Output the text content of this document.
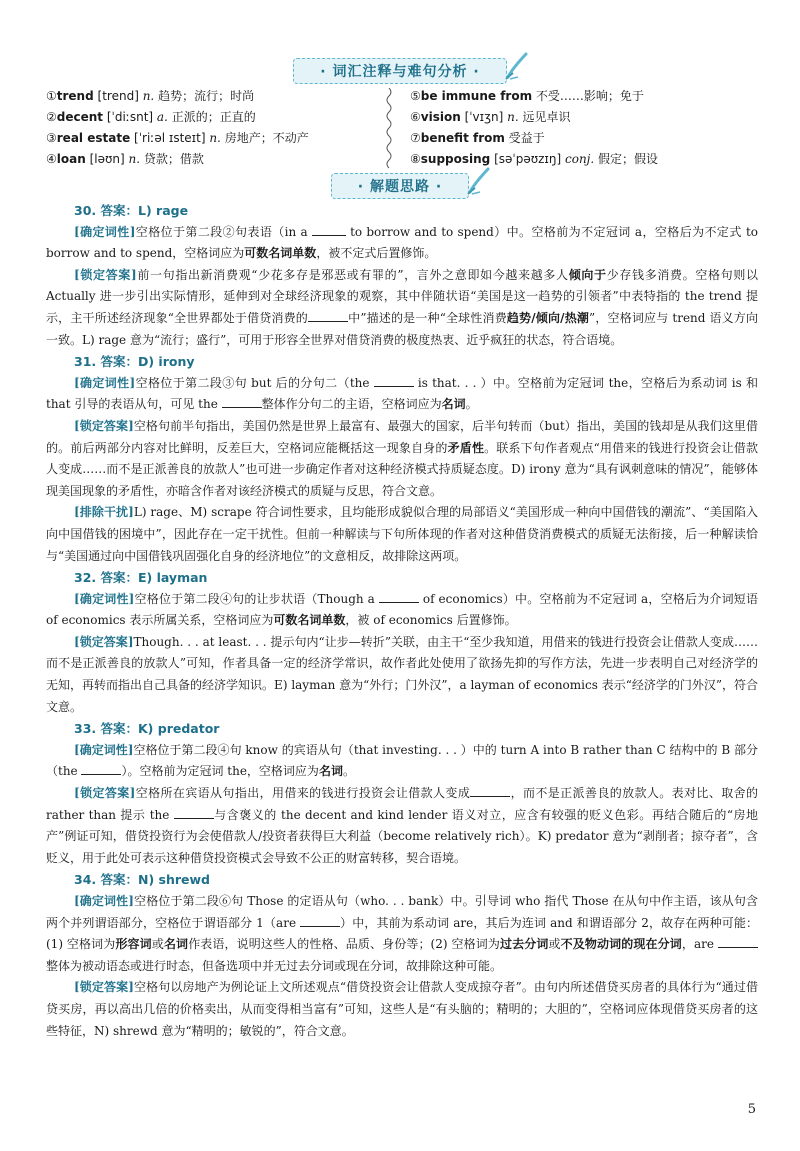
· 词汇注释与难句分析 ·
①trend [trend] n. 趋势；流行；时尚
②decent [ˈdiːsnt] a. 正派的；正直的
③real estate [ˈriːəl ɪsteɪt] n. 房地产；不动产
④loan [ləʊn] n. 贷款；借款
⑤be immune from 不受……影响；免于
⑥vision [ˈvɪʒn] n. 远见卓识
⑦benefit from 受益于
⑧supposing [səˈpəʊzɪŋ] conj. 假定；假设
· 解题思路 ·
30. 答案：L) rage

[确定词性]空格位于第二段②句表语（in a	to borrow and to spend）中。空格前为不定冠词 a，空格后为不定式 to borrow and to spend，空格词应为可数名词单数，被不定式后置修饰。

[锁定答案]前一句指出新消费观“少花多存是邪恶或有罪的”，言外之意即如今越来越多人倾向于少存钱多消费。空格句则以 Actually 进一步引出实际情形，延伸到对全球经济现象的观察，其中伴随状语“美国是这一趋势的引领者”中表特指的 the trend 提示，主干所述经济现象“全世界都处于借贷消费的	中”描述的是一种“全球性消费趋势/倾向/热潮”，空格词应与 trend 语义方向一致。L) rage 意为“流行；盛行”，可用于形容全世界对借贷消费的极度热衷、近乎疯狂的状态，符合语境。

31. 答案：D) irony

[确定词性]空格位于第二段③句 but 后的分句二（the	is that. . . ）中。空格前为定冠词 the，空格后为系动词 is 和 that 引导的表语从句，可见 the	整体作分句二的主语，空格词应为名词。

[锁定答案]空格句前半句指出，美国仍然是世界上最富有、最强大的国家，后半句转而（but）指出，美国的钱却是从我们这里借的。前后两部分内容对比鲜明，反差巨大，空格词应能概括这一现象自身的矛盾性。联系下句作者观点“用借来的钱进行投资会让借款人变成……而不是正派善良的放款人”也可进一步确定作者对这种经济模式持质疑态度。D) irony 意为“具有讽刺意味的情况”，能够体现美国现象的矛盾性，亦暗含作者对该经济模式的质疑与反思，符合文意。

[排除干扰]L) rage、M) scrape 符合词性要求，且均能形成貌似合理的局部语义“美国形成一种向中国借钱的潮流”、“美国陷入向中国借钱的困境中”，因此存在一定干扰性。但前一种解读与下句所体现的作者对这种借贷消费模式的质疑无法衔接，后一种解读恰与“美国通过向中国借钱巩固强化自身的经济地位”的文意相反，故排除这两项。

32. 答案：E) layman

[确定词性]空格位于第二段④句的让步状语（Though a	of economics）中。空格前为不定冠词 a，空格后为介词短语 of economics 表示所属关系，空格词应为可数名词单数，被 of economics 后置修饰。

[锁定答案]Though. . . at least. . . 提示句内“让步—转折”关联，由主干“至少我知道，用借来的钱进行投资会让借款人变成……而不是正派善良的放款人”可知，作者具备一定的经济学常识，故作者此处使用了欲扬先抑的写作方法，先进一步表明自己对经济学的无知，再转而指出自己具备的经济学知识。E) layman 意为“外行；门外汉”，a layman of economics 表示“经济学的门外汉”，符合文意。

33. 答案：K) predator

[确定词性]空格位于第二段④句 know 的宾语从句（that investing. . . ）中的 turn A into B rather than C 结构中的 B 部分（the	）。空格前为定冠词 the，空格词应为名词。

[锁定答案]空格所在宾语从句指出，用借来的钱进行投资会让借款人变成	，而不是正派善良的放款人。表对比、取舍的 rather than 提示 the	与含褒义的 the decent and kind lender 语义对立，应含有较强的贬义色彩。再结合随后的“房地产”例证可知，借贷投资行为会使借款人/投资者获得巨大利益（become relatively rich）。K) predator 意为“剥削者；掠夺者”，含贬义，用于此处可表示这种借贷投资模式会导致不公正的财富转移，契合语境。

34. 答案：N) shrewd

[确定词性]空格位于第二段⑥句 Those 的定语从句（who. . . bank）中。引导词 who 指代 Those 在从句中作主语，该从句含两个并列谓语部分，空格位于谓语部分 1（are	）中，其前为系动词 are，其后为连词 and 和谓语部分 2，故存在两种可能：(1) 空格词为形容词或名词作表语，说明这些人的性格、品质、身份等；(2) 空格词为过去分词或不及物动词的现在分词，are 整体为被动语态或进行时态，但备选项中并无过去分词或现在分词，故排除这种可能。

[锁定答案]空格句以房地产为例论证上文所述观点“借贷投资会让借款人变成掠夺者”。由句内所述借贷买房者的具体行为“通过借贷买房，再以高出几倍的价格卖出，从而变得相当富有”可知，这些人是“有头脑的；精明的；大胆的”，空格词应体现借贷买房者的这些特征，N) shrewd 意为“精明的；敏锐的”，符合文意。

5
